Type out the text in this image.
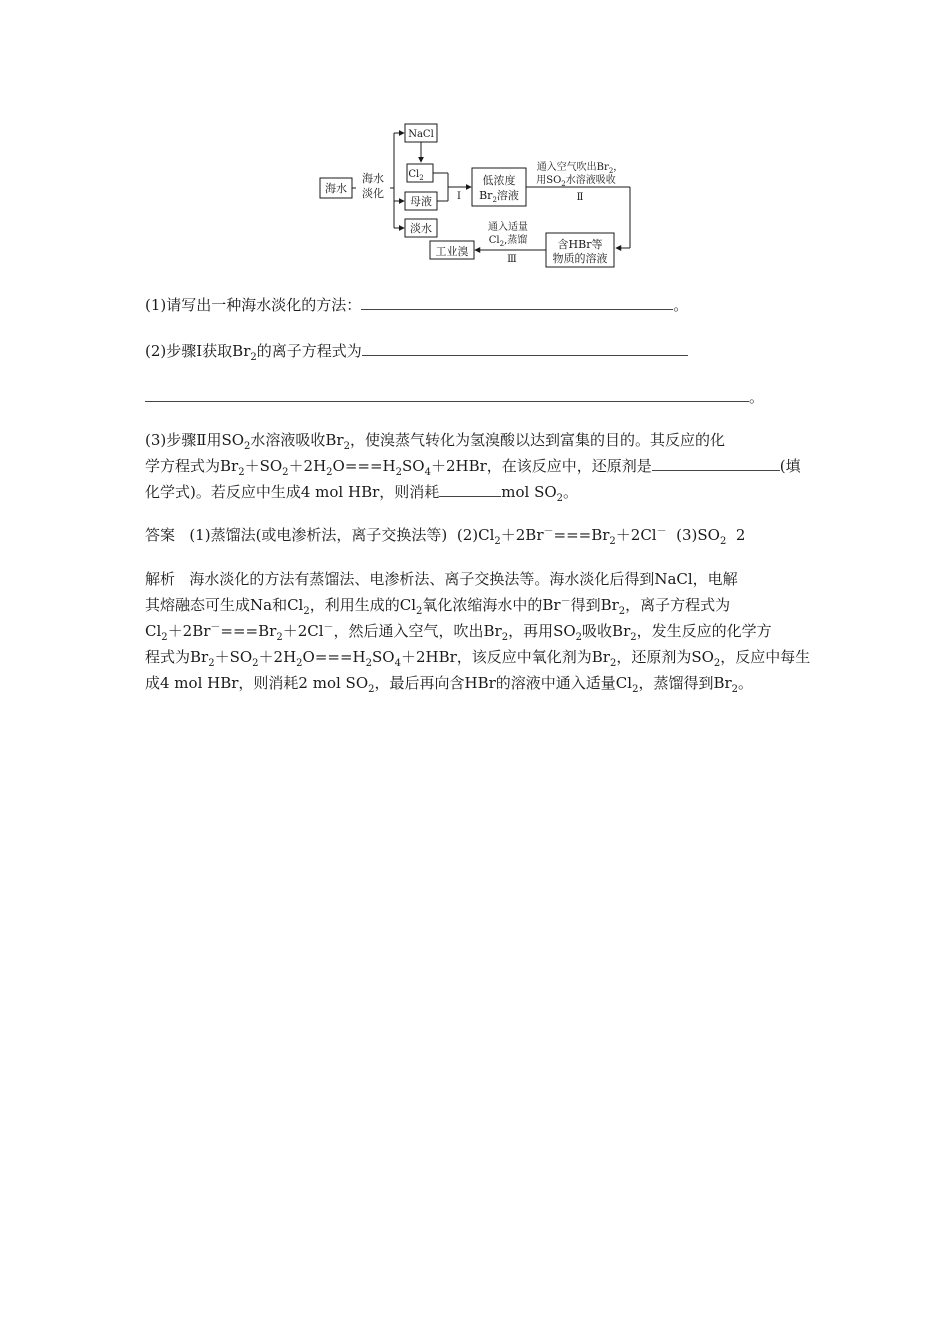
海水
海水
淡化
NaCl
$Cl_2$
母液
淡水
Ⅰ
低浓度
$Br_2$溶液
通入空气吹出$Br_2$，
用$SO_2$水溶液吸收
Ⅱ
含HBr等
物质的溶液
通入适量
$Cl_2$,蒸馏
Ⅲ
工业溴
(1)请写出一种海水淡化的方法：	。
(2)步骤Ⅰ获取$Br_2$的离子方程式为
。
(3)步骤Ⅱ用$SO_2$水溶液吸收$Br_2$，使溴蒸气转化为氢溴酸以达到富集的目的。其反应的化
学方程式为$Br_2+SO_2+2H_2O===H_2SO_4+2HBr$，在该反应中，还原剂是	(填
化学式)。若反应中生成4 mol HBr，则消耗	mol $SO_2$。
答案 (1)蒸馏法(或电渗析法，离子交换法等) $(2)Cl_2+2Br^-===Br_2+2Cl^-$ $(3)SO_2$ 2
解析 海水淡化的方法有蒸馏法、电渗析法、离子交换法等。海水淡化后得到NaCl，电解
其熔融态可生成Na和$Cl_2$，利用生成的$Cl_2$氧化浓缩海水中的Br－得到$Br_2$，离子方程式为
$Cl_2+2Br^-===Br_2+2Cl^-$，然后通入空气，吹出$Br_2$，再用$SO_2$吸收$Br_2$，发生反应的化学方
程式为$Br_2+SO_2+2H_2O===H_2SO_4+2HBr$，该反应中氧化剂为$Br_2$，还原剂为$SO_2$，反应中每生
成4 mol HBr，则消耗2 mol $SO_2$，最后再向含HBr的溶液中通入适量$Cl_2$，蒸馏得到$Br_2$。
